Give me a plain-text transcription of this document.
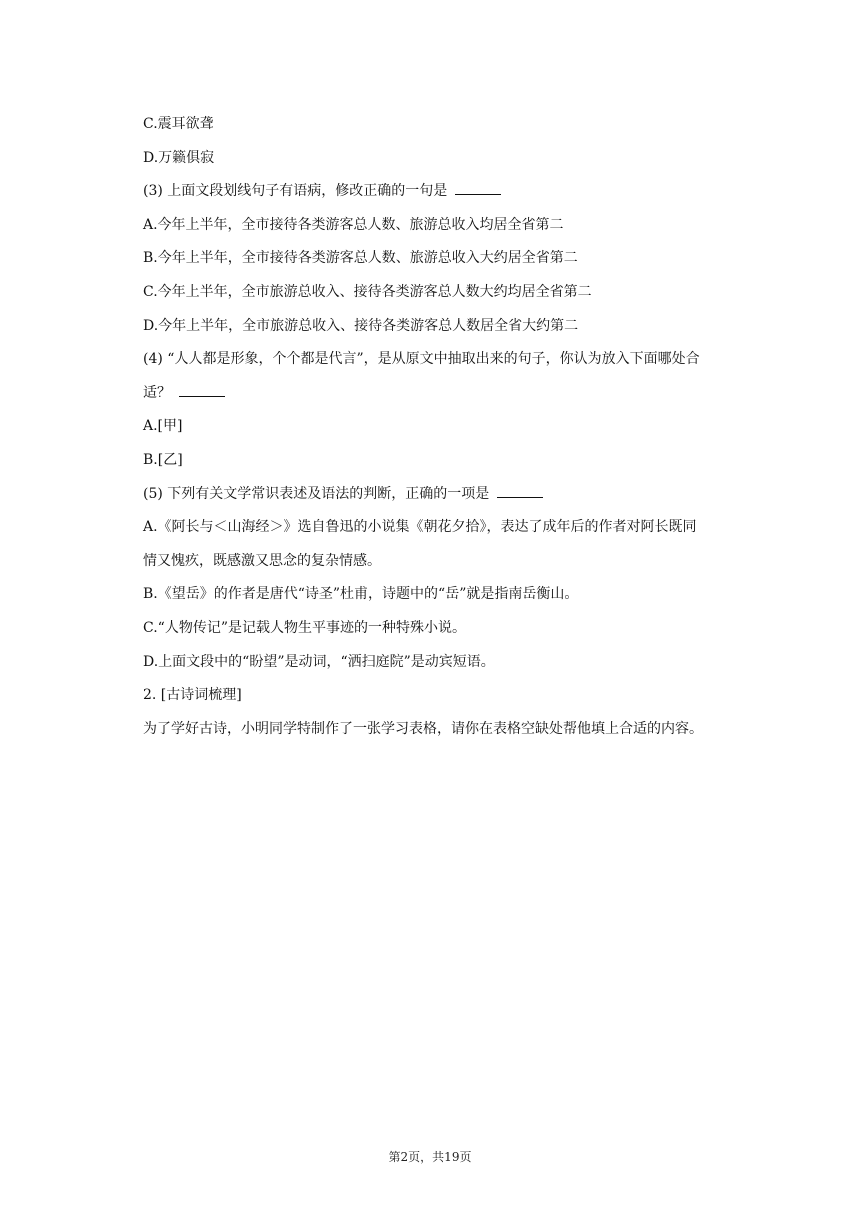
C.震耳欲聋
D.万籁俱寂
(3) 上面文段划线句子有语病，修改正确的一句是
A.今年上半年，全市接待各类游客总人数、旅游总收入均居全省第二
B.今年上半年，全市接待各类游客总人数、旅游总收入大约居全省第二
C.今年上半年，全市旅游总收入、接待各类游客总人数大约均居全省第二
D.今年上半年，全市旅游总收入、接待各类游客总人数居全省大约第二
(4) “人人都是形象，个个都是代言”，是从原文中抽取出来的句子，你认为放入下面哪处合
适？
A.[甲]
B.[乙]
(5) 下列有关文学常识表述及语法的判断，正确的一项是
A.《阿长与＜山海经＞》选自鲁迅的小说集《朝花夕拾》，表达了成年后的作者对阿长既同
情又愧疚，既感激又思念的复杂情感。
B.《望岳》的作者是唐代“诗圣”杜甫，诗题中的“岳”就是指南岳衡山。
C.“人物传记”是记载人物生平事迹的一种特殊小说。
D.上面文段中的“盼望”是动词，“洒扫庭院”是动宾短语。
2. [古诗词梳理]
为了学好古诗，小明同学特制作了一张学习表格，请你在表格空缺处帮他填上合适的内容。
第2页，共19页
